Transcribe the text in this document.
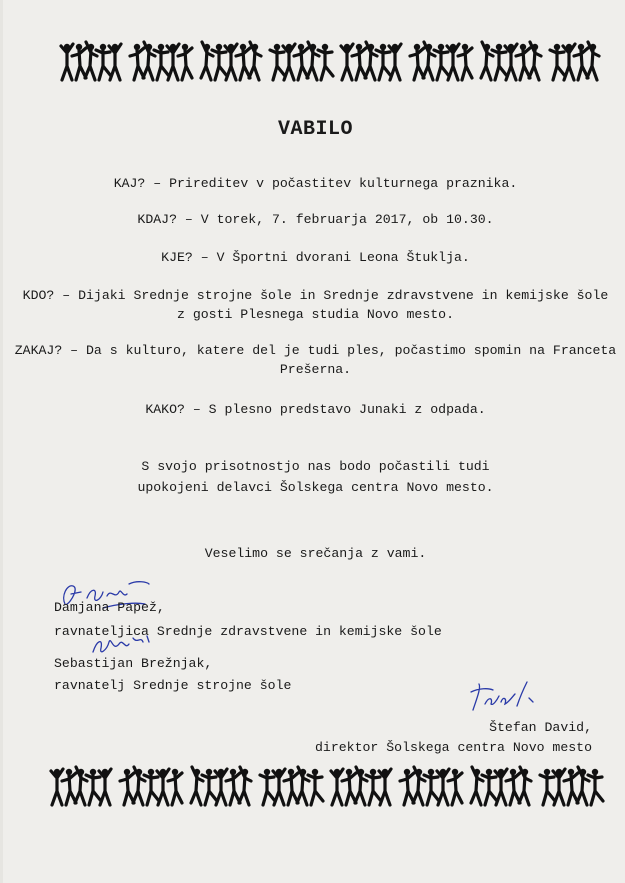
VABILO
KAJ? – Prireditev v počastitev kulturnega praznika.
KDAJ? – V torek, 7. februarja 2017, ob 10.30.
KJE? – V Športni dvorani Leona Štuklja.
KDO? – Dijaki Srednje strojne šole in Srednje zdravstvene in kemijske šole
z gosti Plesnega studia Novo mesto.
ZAKAJ? – Da s kulturo, katere del je tudi ples, počastimo spomin na Franceta
Prešerna.
KAKO? – S plesno predstavo Junaki z odpada.
S svojo prisotnostjo nas bodo počastili tudi
upokojeni delavci Šolskega centra Novo mesto.
Veselimo se srečanja z vami.
Damjana Papež,
ravnateljica Srednje zdravstvene in kemijske šole
Sebastijan Brežnjak,
ravnatelj Srednje strojne šole
Štefan David,
direktor Šolskega centra Novo mesto
